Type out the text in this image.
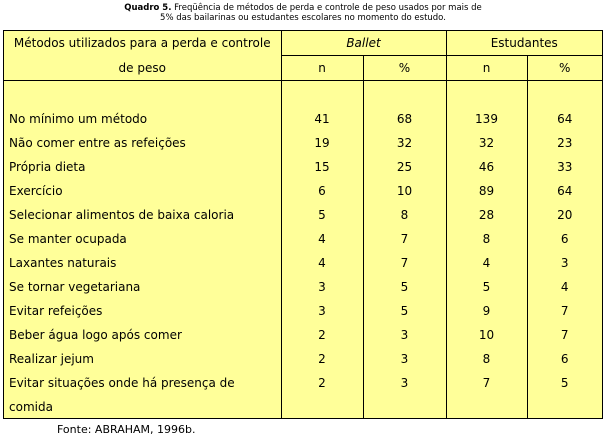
Quadro 5. Freqüência de métodos de perda e controle de peso usados por mais de
5% das bailarinas ou estudantes escolares no momento do estudo.
Métodos utilizados para a perda e controle	Ballet		Estudantes	
de peso	n	%	n	%

No mínimo um método	41	68	139	64
Não comer entre as refeições	19	32	32	23
Própria dieta	15	25	46	33
Exercício	6	10	89	64
Selecionar alimentos de baixa caloria	5	8	28	20
Se manter ocupada	4	7	8	6
Laxantes naturais	4	7	4	3
Se tornar vegetariana	3	5	5	4
Evitar refeições	3	5	9	7
Beber água logo após comer	2	3	10	7
Realizar jejum	2	3	8	6
Evitar situações onde há presença de	2	3	7	5
comida				
Fonte: ABRAHAM, 1996b.
